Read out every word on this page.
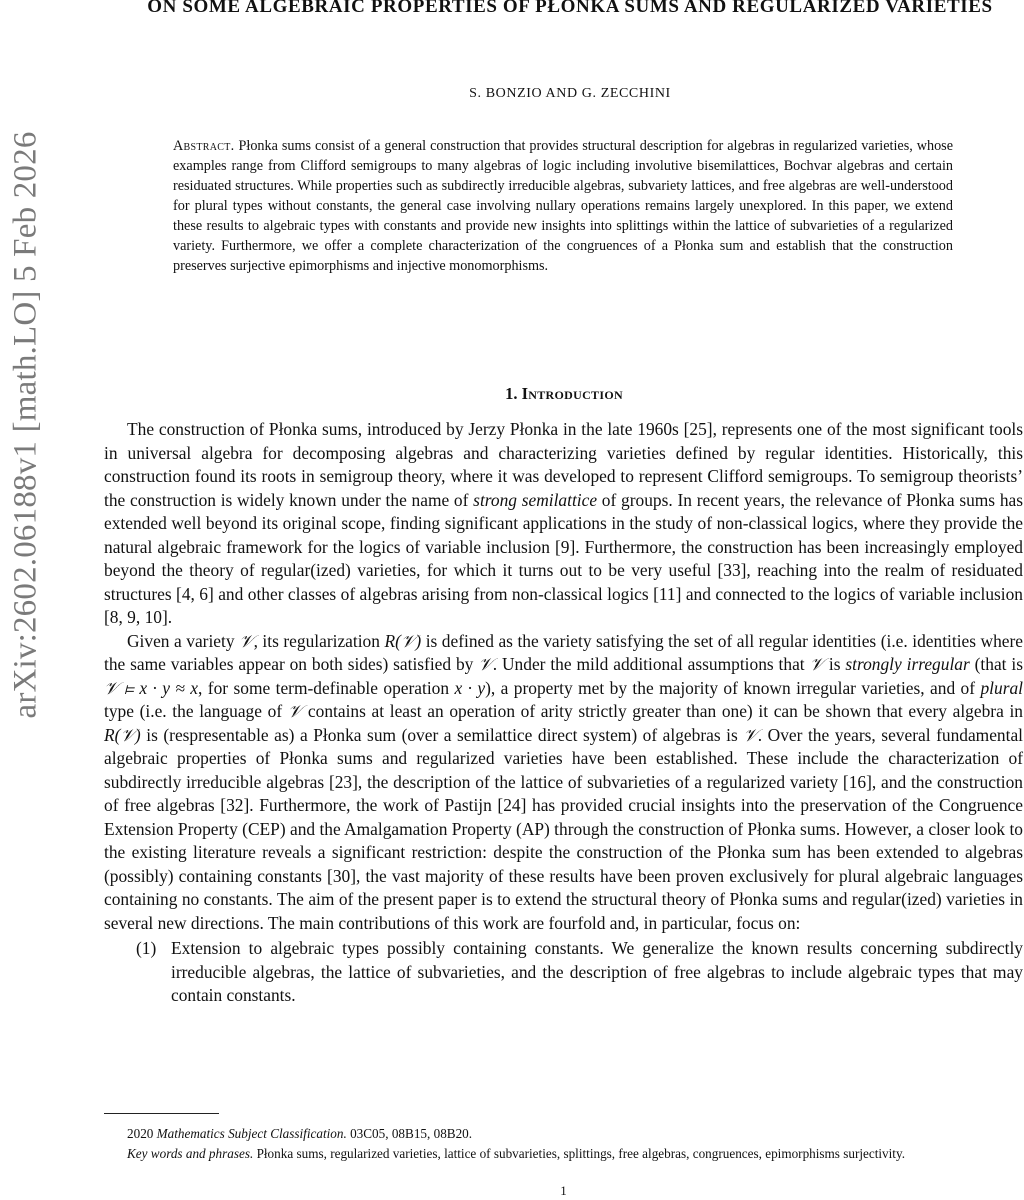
arXiv:2602.06188v1 [math.LO] 5 Feb 2026
ON SOME ALGEBRAIC PROPERTIES OF PŁONKA SUMS AND REGULARIZED VARIETIES
S. BONZIO AND G. ZECCHINI
Abstract. Płonka sums consist of a general construction that provides structural description for algebras in regularized varieties, whose examples range from Clifford semigroups to many algebras of logic including involutive bisemilattices, Bochvar algebras and certain residuated structures. While properties such as subdirectly irreducible algebras, subvariety lattices, and free algebras are well-understood for plural types without constants, the general case involving nullary operations remains largely unexplored. In this paper, we extend these results to algebraic types with constants and provide new insights into splittings within the lattice of subvarieties of a regularized variety. Furthermore, we offer a complete characterization of the congruences of a Płonka sum and establish that the construction preserves surjective epimorphisms and injective monomorphisms.
1. Introduction

The construction of Płonka sums, introduced by Jerzy Płonka in the late 1960s [25], represents one of the most significant tools in universal algebra for decomposing algebras and characterizing varieties defined by regular identities. Historically, this construction found its roots in semigroup theory, where it was developed to represent Clifford semigroups. To semigroup theorists’ the construction is widely known under the name of strong semilattice of groups. In recent years, the relevance of Płonka sums has extended well beyond its original scope, finding significant applications in the study of non-classical logics, where they provide the natural algebraic framework for the logics of variable inclusion [9]. Furthermore, the construction has been increasingly employed beyond the theory of regular(ized) varieties, for which it turns out to be very useful [33], reaching into the realm of residuated structures [4, 6] and other classes of algebras arising from non-classical logics [11] and connected to the logics of variable inclusion [8, 9, 10].

Given a variety 𝒱, its regularization R(𝒱) is defined as the variety satisfying the set of all regular identities (i.e. identities where the same variables appear on both sides) satisfied by 𝒱. Under the mild additional assumptions that 𝒱 is strongly irregular (that is 𝒱 ⊨ x · y ≈ x, for some term-definable operation x · y), a property met by the majority of known irregular varieties, and of plural type (i.e. the language of 𝒱 contains at least an operation of arity strictly greater than one) it can be shown that every algebra in R(𝒱) is (respresentable as) a Płonka sum (over a semilattice direct system) of algebras is 𝒱. Over the years, several fundamental algebraic properties of Płonka sums and regularized varieties have been established. These include the characterization of subdirectly irreducible algebras [23], the description of the lattice of subvarieties of a regularized variety [16], and the construction of free algebras [32]. Furthermore, the work of Pastijn [24] has provided crucial insights into the preservation of the Congruence Extension Property (CEP) and the Amalgamation Property (AP) through the construction of Płonka sums. However, a closer look to the existing literature reveals a significant restriction: despite the construction of the Płonka sum has been extended to algebras (possibly) containing constants [30], the vast majority of these results have been proven exclusively for plural algebraic languages containing no constants. The aim of the present paper is to extend the structural theory of Płonka sums and regular(ized) varieties in several new directions. The main contributions of this work are fourfold and, in particular, focus on:

(1) Extension to algebraic types possibly containing constants. We generalize the known results concerning subdirectly irreducible algebras, the lattice of subvarieties, and the description of free algebras to include algebraic types that may contain constants.

2020 Mathematics Subject Classification. 03C05, 08B15, 08B20.

Key words and phrases. Płonka sums, regularized varieties, lattice of subvarieties, splittings, free algebras, congruences, epimorphisms surjectivity.

1
